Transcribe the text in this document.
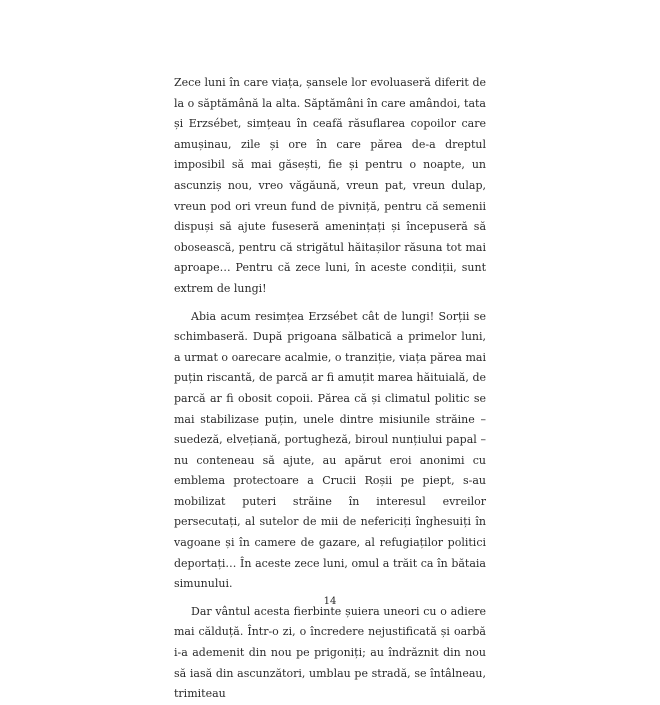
Zece luni în care viața, șansele lor evoluaseră diferit de la o săptămână la alta. Săptămâni în care amândoi, tata și Erzsébet, simțeau în ceafă răsuflarea copoilor care amușinau, zile și ore în care părea de-a dreptul imposibil să mai găsești, fie și pentru o noapte, un ascunziș nou, vreo văgăună, vreun pat, vreun dulap, vreun pod ori vreun fund de pivniță, pentru că semenii dispuși să ajute fuseseră amenințați și începuseră să obosească, pentru că strigătul hăitașilor răsuna tot mai aproape… Pentru că zece luni, în aceste condiții, sunt extrem de lungi!

Abia acum resimțea Erzsébet cât de lungi! Sorții se schimbaseră. După prigoana sălbatică a primelor luni, a urmat o oarecare acalmie, o tranziție, viața părea mai puțin riscantă, de parcă ar fi amuțit marea hăituială, de parcă ar fi obosit copoii. Părea că și climatul politic se mai stabilizase puțin, unele dintre misiunile străine – suedeză, elvețiană, portugheză, biroul nunțiului papal – nu conteneau să ajute, au apărut eroi anonimi cu emblema protectoare a Crucii Roșii pe piept, s-au mobilizat puteri străine în interesul evreilor persecutați, al sutelor de mii de nefericiți înghesuiți în vagoane și în camere de gazare, al refugiaților politici deportați… În aceste zece luni, omul a trăit ca în bătaia simunului.

Dar vântul acesta fierbinte șuiera uneori cu o adiere mai călduță. Într-o zi, o încredere nejustificată și oarbă i-a ademenit din nou pe prigoniți; au îndrăznit din nou să iasă din ascunzători, umblau pe stradă, se întâlneau, trimiteau

14
